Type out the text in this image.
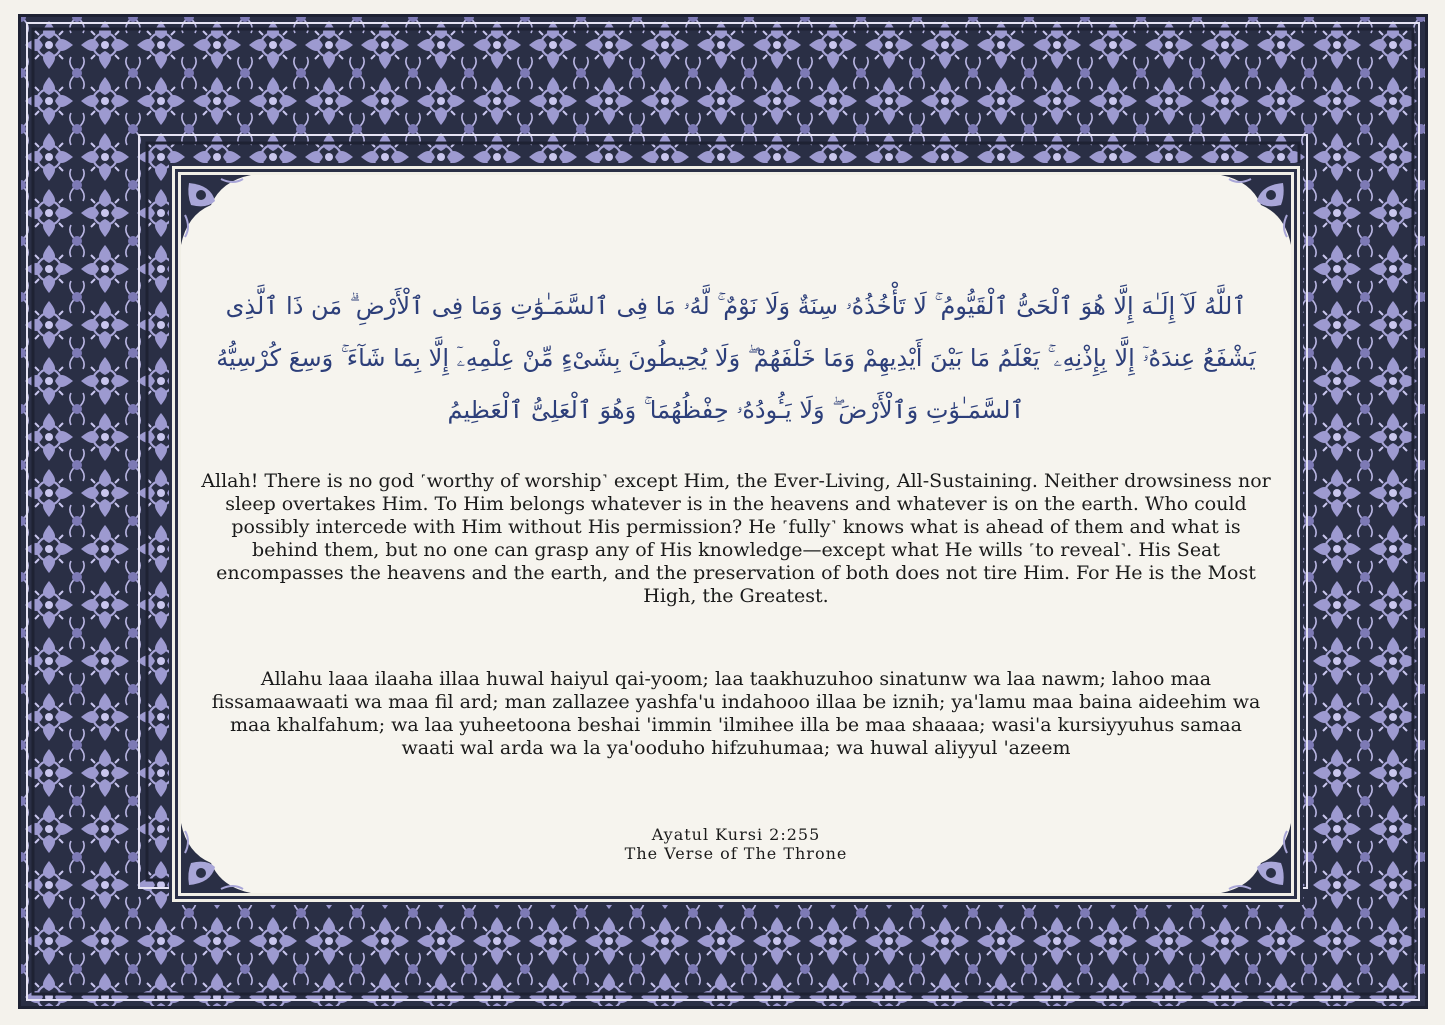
ٱللَّهُ لَآ إِلَـٰهَ إِلَّا هُوَ ٱلْحَىُّ ٱلْقَيُّومُ ۚ لَا تَأْخُذُهُۥ سِنَةٌ وَلَا نَوْمٌ ۚ لَّهُۥ مَا فِى ٱلسَّمَـٰوَٰتِ وَمَا فِى ٱلْأَرْضِ ۗ مَن ذَا ٱلَّذِى يَشْفَعُ عِندَهُۥٓ إِلَّا بِإِذْنِهِۦ ۚ يَعْلَمُ مَا بَيْنَ أَيْدِيهِمْ وَمَا خَلْفَهُمْ ۖ وَلَا يُحِيطُونَ بِشَىْءٍ مِّنْ عِلْمِهِۦٓ إِلَّا بِمَا شَآءَ ۚ وَسِعَ كُرْسِيُّهُ ٱلسَّمَـٰوَٰتِ وَٱلْأَرْضَ ۖ وَلَا يَـُٔودُهُۥ حِفْظُهُمَا ۚ وَهُوَ ٱلْعَلِىُّ ٱلْعَظِيمُ
Allah! There is no god ˹worthy of worship˺ except Him, the Ever-Living, All-Sustaining. Neither drowsiness nor sleep overtakes Him. To Him belongs whatever is in the heavens and whatever is on the earth. Who could possibly intercede with Him without His permission? He ˹fully˺ knows what is ahead of them and what is behind them, but no one can grasp any of His knowledge—except what He wills ˹to reveal˺. His Seat encompasses the heavens and the earth, and the preservation of both does not tire Him. For He is the Most High, the Greatest.
Allahu laaa ilaaha illaa huwal haiyul qai-yoom; laa taakhuzuhoo sinatunw wa laa nawm; lahoo maa fissamaawaati wa maa fil ard; man zallazee yashfa'u indahooo illaa be iznih; ya'lamu maa baina aideehim wa maa khalfahum; wa laa yuheetoona beshai 'immin 'ilmihee illa be maa shaaaa; wasi'a kursiyyuhus samaa waati wal arda wa la ya'ooduho hifzuhumaa; wa huwal aliyyul 'azeem
Ayatul Kursi 2:255
The Verse of The Throne
